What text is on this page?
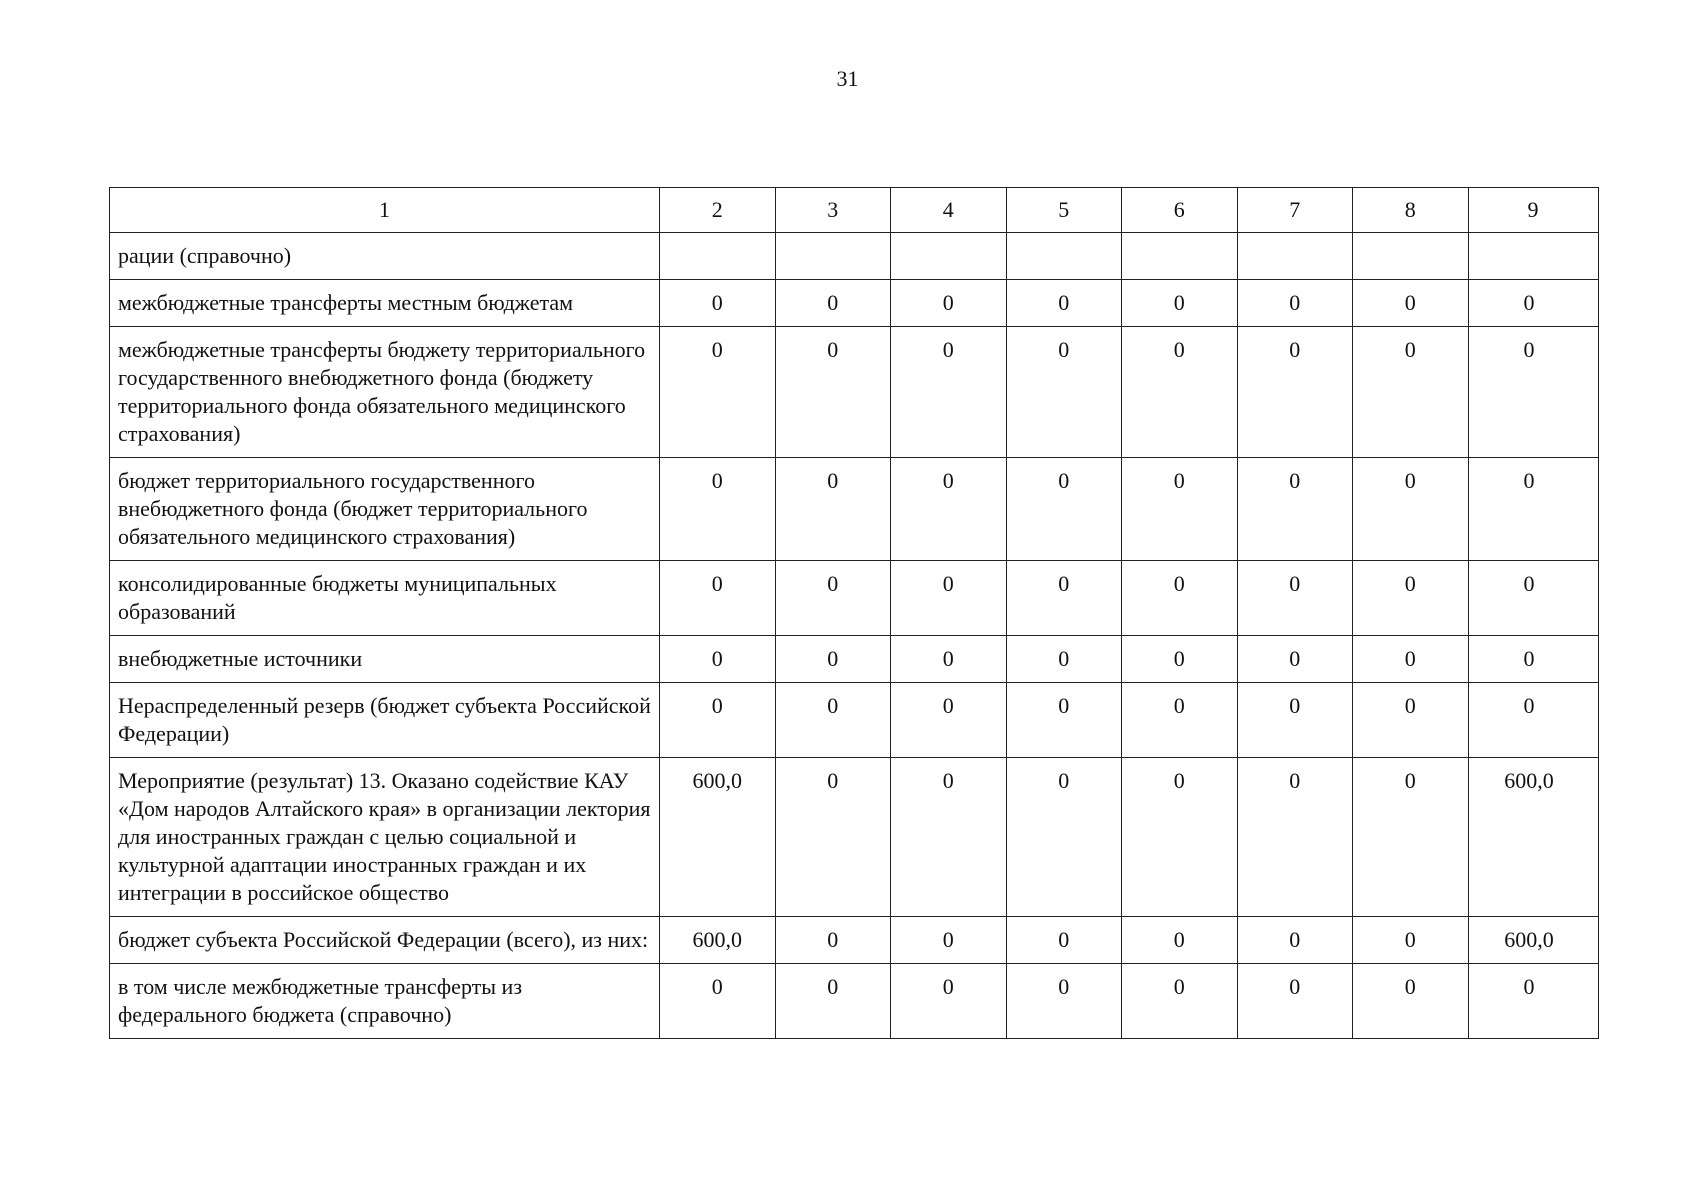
31
1	2	3	4	5	6	7	8	9
рации (справочно)								
межбюджетные трансферты местным бюджетам	0	0	0	0	0	0	0	0
межбюджетные трансферты бюджету территориального государственного внебюджетного фонда (бюджету территориального фонда обязательного медицинского страхования)	0	0	0	0	0	0	0	0
бюджет территориального государственного внебюджетного фонда (бюджет территориального обязательного медицинского страхования)	0	0	0	0	0	0	0	0
консолидированные бюджеты муниципальных образований	0	0	0	0	0	0	0	0
внебюджетные источники	0	0	0	0	0	0	0	0
Нераспределенный резерв (бюджет субъекта Российской Федерации)	0	0	0	0	0	0	0	0
Мероприятие (результат) 13. Оказано содействие КАУ «Дом народов Алтайского края» в организации лектория для иностранных граждан с целью социальной и культурной адаптации иностранных граждан и их интеграции в российское общество	600,0	0	0	0	0	0	0	600,0
бюджет субъекта Российской Федерации (всего), из них:	600,0	0	0	0	0	0	0	600,0
в том числе межбюджетные трансферты из федерального бюджета (справочно)	0	0	0	0	0	0	0	0
